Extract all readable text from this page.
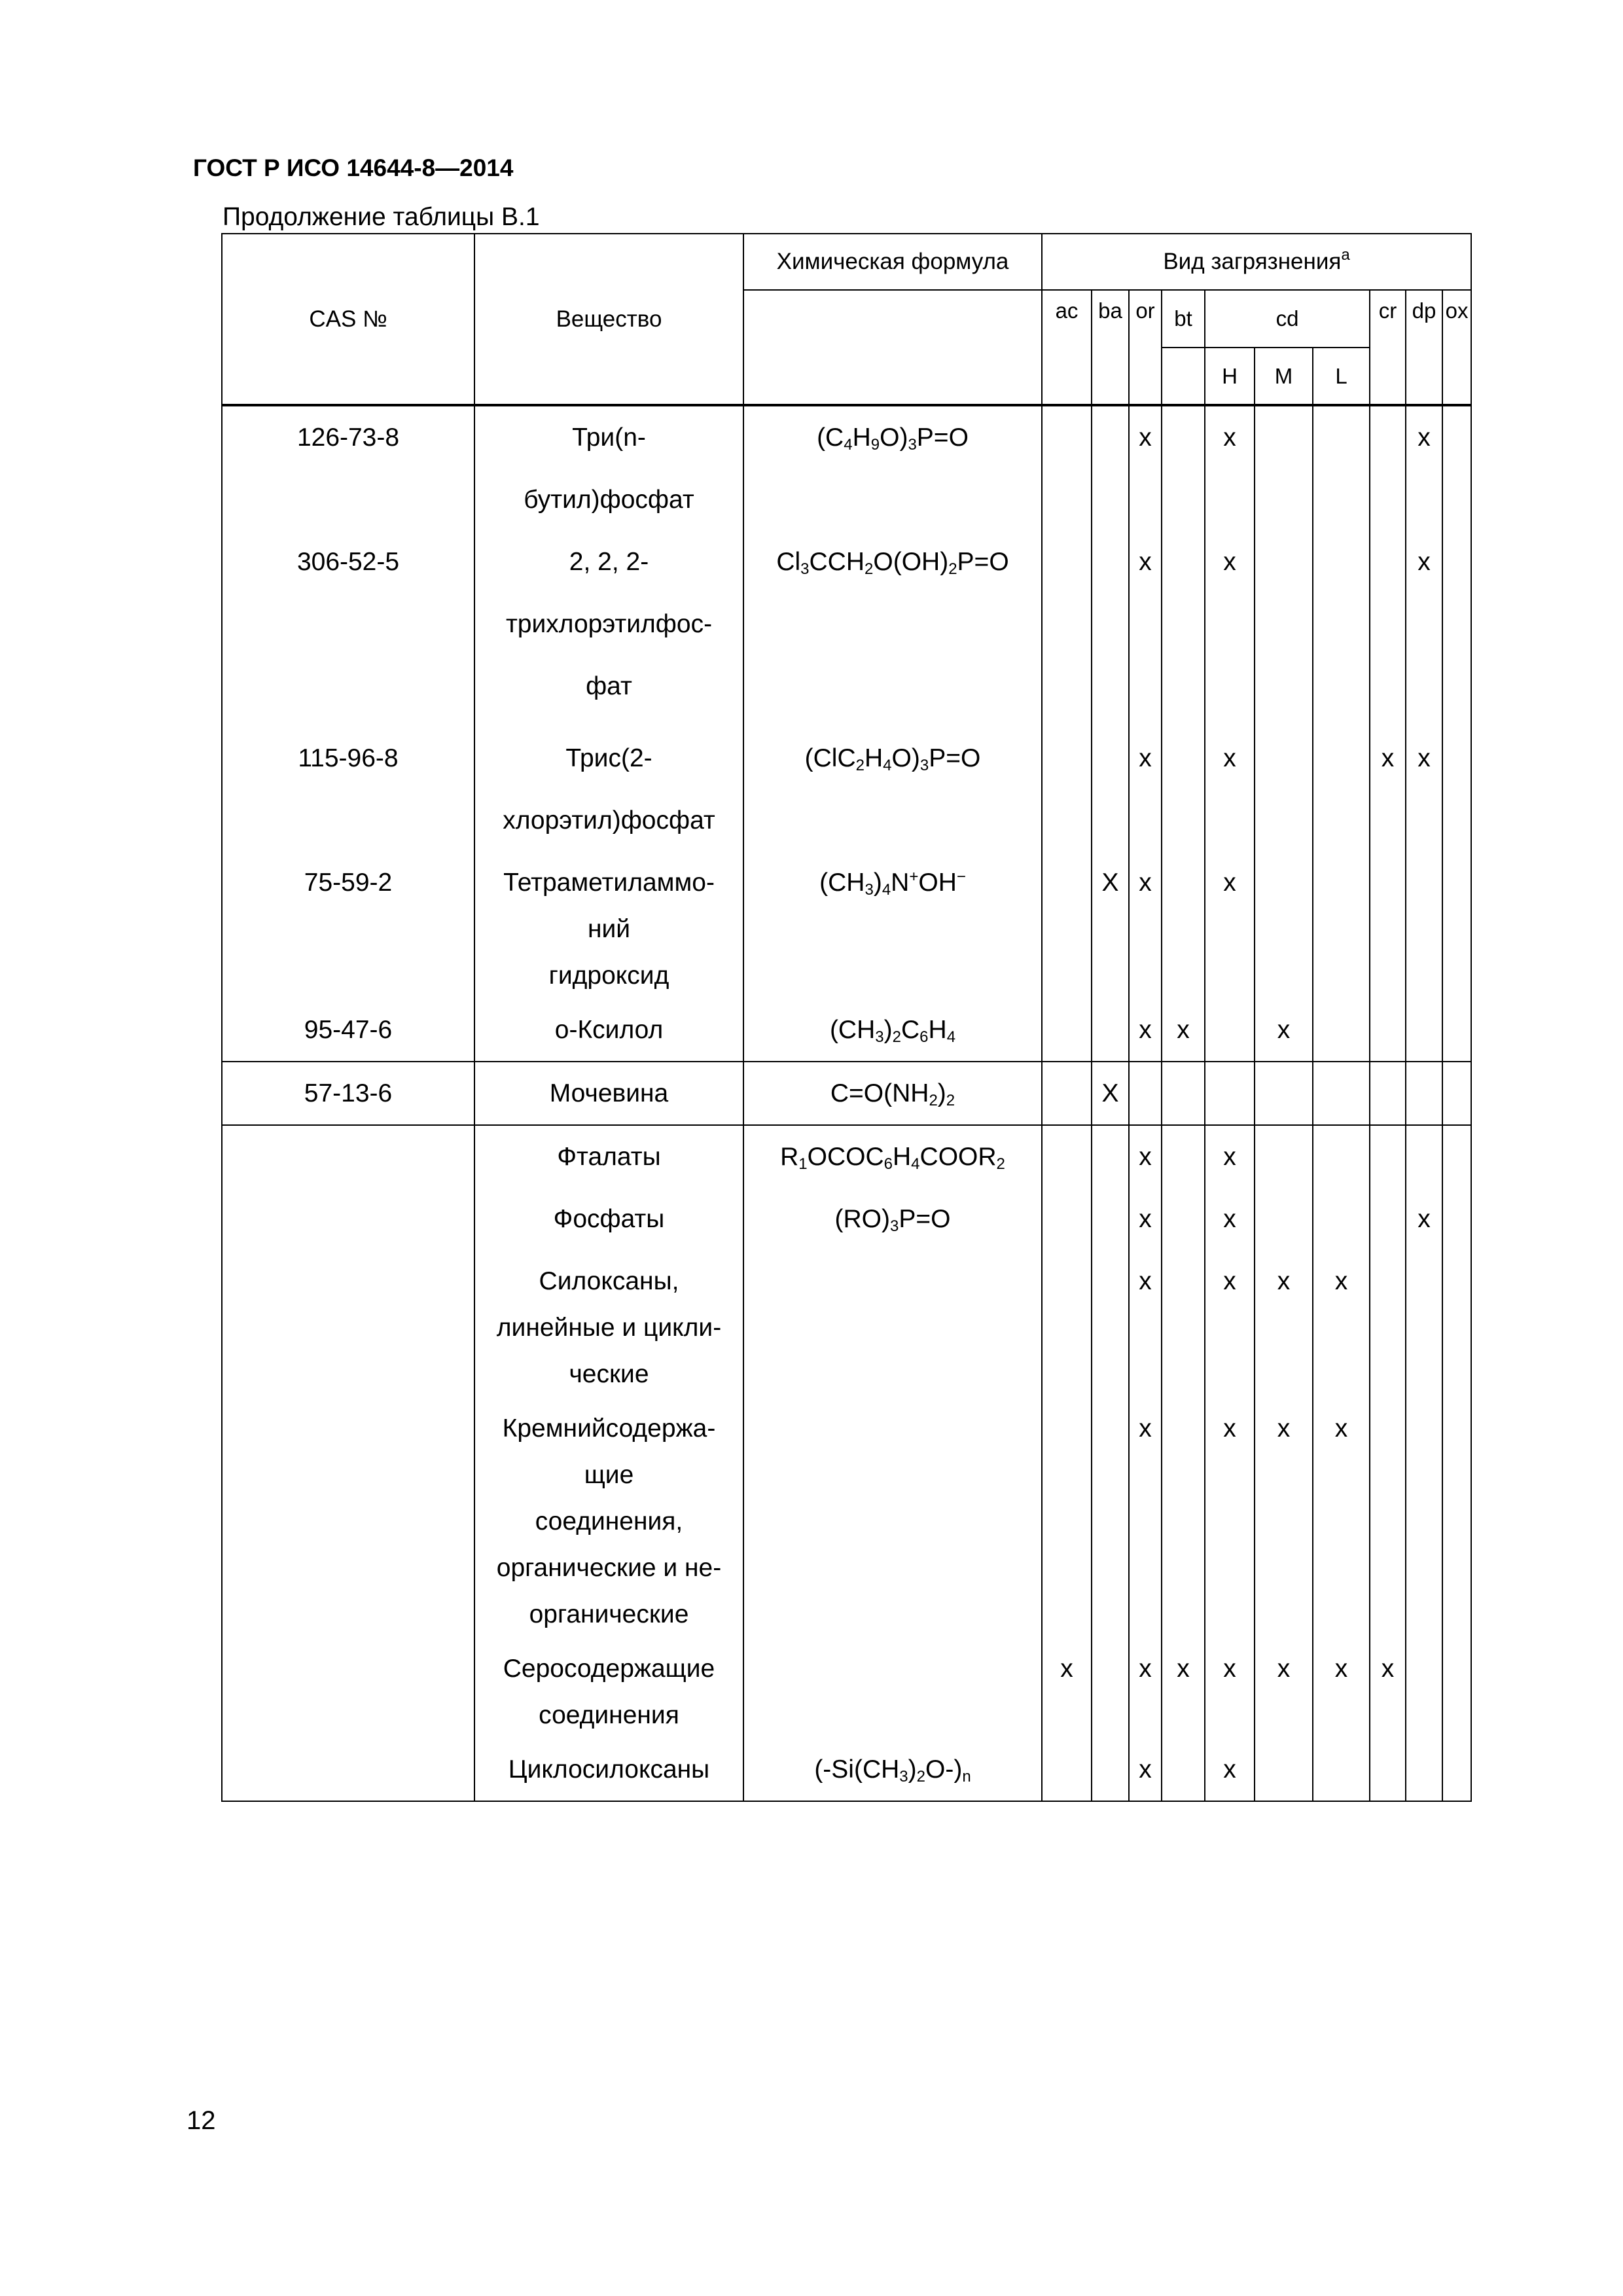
ГОСТ Р ИСО 14644-8—2014
Продолжение таблицы B.1
CAS №	Вещество	Химическая формула	Вид загрязнения$^a$
			ac	ba	or	bt	cd			cr	dp	ox
							H	M	L			

126-73-8	Три(n-
бутил)фосфат	$(C_4H_9O)_3P=O$			x		x				x	

306-52-5	2, 2, 2-
трихлорэтилфос-
фат	$Cl_3CCH_2O(OH)_2P=O$			x		x				x	

115-96-8	Трис(2-
хлорэтил)фосфат	$(ClC_2H_4O)_3P=O$			x		x			x	x	

75-59-2	Тетраметиламмо-
ний
гидроксид	$(CH_3)_4N^+OH^-$		X	x		x					

95-47-6	o-Ксилол	$(CH_3)_2C_6H_4$			x	x		x				

57-13-6	Мочевина	$C=O(NH_2)_2$		X								

	Фталаты	$R_1OCOC_6H_4COOR_2$			x		x					

	Фосфаты	$(RO)_3P=O$			x		x				x	

	Силоксаны,
линейные и цикли-
ческие				x		x	x	x			

	Кремнийсодержа-
щие
соединения,
органические и не-
органические				x		x	x	x			

	Серосодержащие
соединения		x		x	x	x	x	x	x		

	Циклосилоксаны	$(-Si(CH_3)_2O-)_n$			x		x					

12
